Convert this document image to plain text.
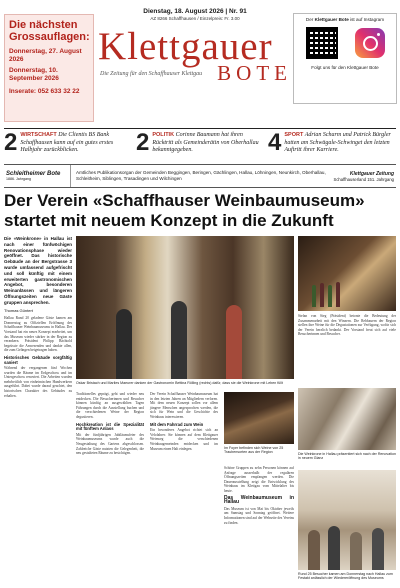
Dienstag, 18. August 2026 | Nr. 91
AZ 8266 Schaffhausen / Einzelpreis: Fr. 3.00
Die nächsten Grossauflagen:
Donnerstag, 27. August 2026
Donnerstag, 10. September 2026
Inserate: 052 633 32 22
Klettgauer
BOTE
Die Zeitung für den Schaffhauser Klettgau
Der Klettgauer Bote ist auf Instagram
Folgt uns für den Klettgauer Bote
2 WIRTSCHAFT Die Clientis BS Bank Schaffhausen kann auf ein gutes erstes Halbjahr zurückblicken.	2 POLITIK Corinne Baumann hat ihren Rücktritt als Gemeinderätin von Oberhallau bekanntgegeben.	4 SPORT Adrian Scharm und Patrick Bürgler hatten am Schwägale-Schwinget den letzten Auftritt ihrer Karriere.
Schleitheimer Bote
1886. Jahrgang
Amtliches Publikationsorgan der Gemeinden Beggingen, Beringen, Gächlingen, Hallau, Löhningen, Neunkirch, Oberhallau, Schleitheim, Siblingen, Trasadingen und Wilchingen
Klettgauer Zeitung
Schaffhauserland 151. Jahrgang
Der Verein «Schaffhauser Weinbaumuseum» startet mit neuem Konzept in die Zukunft
Die «Weinkrone» in Hallau ist nach einer fünfwöchigen Renovationsphase wieder geöffnet. Das historische Gebäude an der Bergstrasse 3 wurde umfassend aufgefrischt und soll künftig mit einem erweiterten gastronomischen Angebot, besonderen Weinanlässen und längeren Öffnungszeiten neue Gäste gruppen ansprechen.
Thomas Güntert

Hallau Rund 20 geladene Gäste kamen am Donnerstag zu Offiziellen Eröffnung des Schaffhauser Weinbaumuseums in Hallau. Der Vorstand hat ein neues Konzept erarbeitet, um das Museum wieder stärker in der Region zu verankern. Präsident Philipp Bächtold begrüsste die Anwesenden und dankte allen, die zum Gelingen beigetragen haben.

Historisches Gebäude sorgfältig saniert

Während der vergangenen fünf Wochen wurden die Räume im Erdgeschoss und im Untergeschoss renoviert. Die Arbeiten wurden mehrheitlich von einheimischen Handwerkern ausgeführt. Dabei wurde darauf geachtet, den historischen Charakter des Gebäudes zu erhalten.

Oskar Bristach und Marlies Maeurer danken der Gastronomin Bettina Rölling (rechts) dafür, dass sie die Weinkrone mit Leben füllt

Traditionelles geprägt, geht und wieder neu entdecken. Die Besucherinnen und Besucher können künftig an ausgewählten Tagen Führungen durch die Ausstellung buchen und die verschiedenen Weine der Region degustieren.

Hochkreation ist die Spezialität mit fünftem Anlass

Mit der fünfjährigen Jubiläumsfeier des Weinbaumuseums wurde auch die Neugestaltung des Gartens abgeschlossen. Zahlreiche Gäste nutzten die Gelegenheit, die neu gestalteten Räume zu besichtigen.

Der Verein Schaffhauser Weinbaumuseum hat in den letzten Jahren an Mitgliedern verloren. Mit dem neuen Konzept sollen vor allem jüngere Menschen angesprochen werden, die sich für Wein und die Geschichte des Weinbaus interessieren.

Mit dem Fahrrad zum Wein

Ein besonderes Angebot richtet sich an Velofahrer. Sie können auf dem Klettgauer Weinweg die verschiedenen Weinbaugemeinden entdecken und im Museum einen Halt einlegen.	Im Foyer befinden sich Weine von 25 Traubensorten aus der Region

Schöne Gruppen zu zehn Personen können auf Anfrage ausserhalb der regulären Öffnungszeiten empfangen werden. Die Dauerausstellung zeigt die Entwicklung des Weinbaus im Klettgau vom Mittelalter bis heute.

Das Weinbaumuseum in Hallau

Das Museum ist von Mai bis Oktober jeweils am Samstag und Sonntag geöffnet. Weitere Informationen sind auf der Webseite des Vereins zu finden.

Stefan von Sieg (Präsident) betonte die Bedeutung der Zusammenarbeit mit den Winzern. Die Rebbauern der Region stellen ihre Weine für die Degustationen zur Verfügung, wofür sich der Verein herzlich bedankt. Der Vorstand freut sich auf viele Besucherinnen und Besucher.

Die Weinkrone in Hallau präsentiert sich nach der Renovation in neuem Glanz
Rund 25 Besucher kamen am Donnerstag nach Hallau zum Festakt anlässlich der Wiedereröffnung des Museums
